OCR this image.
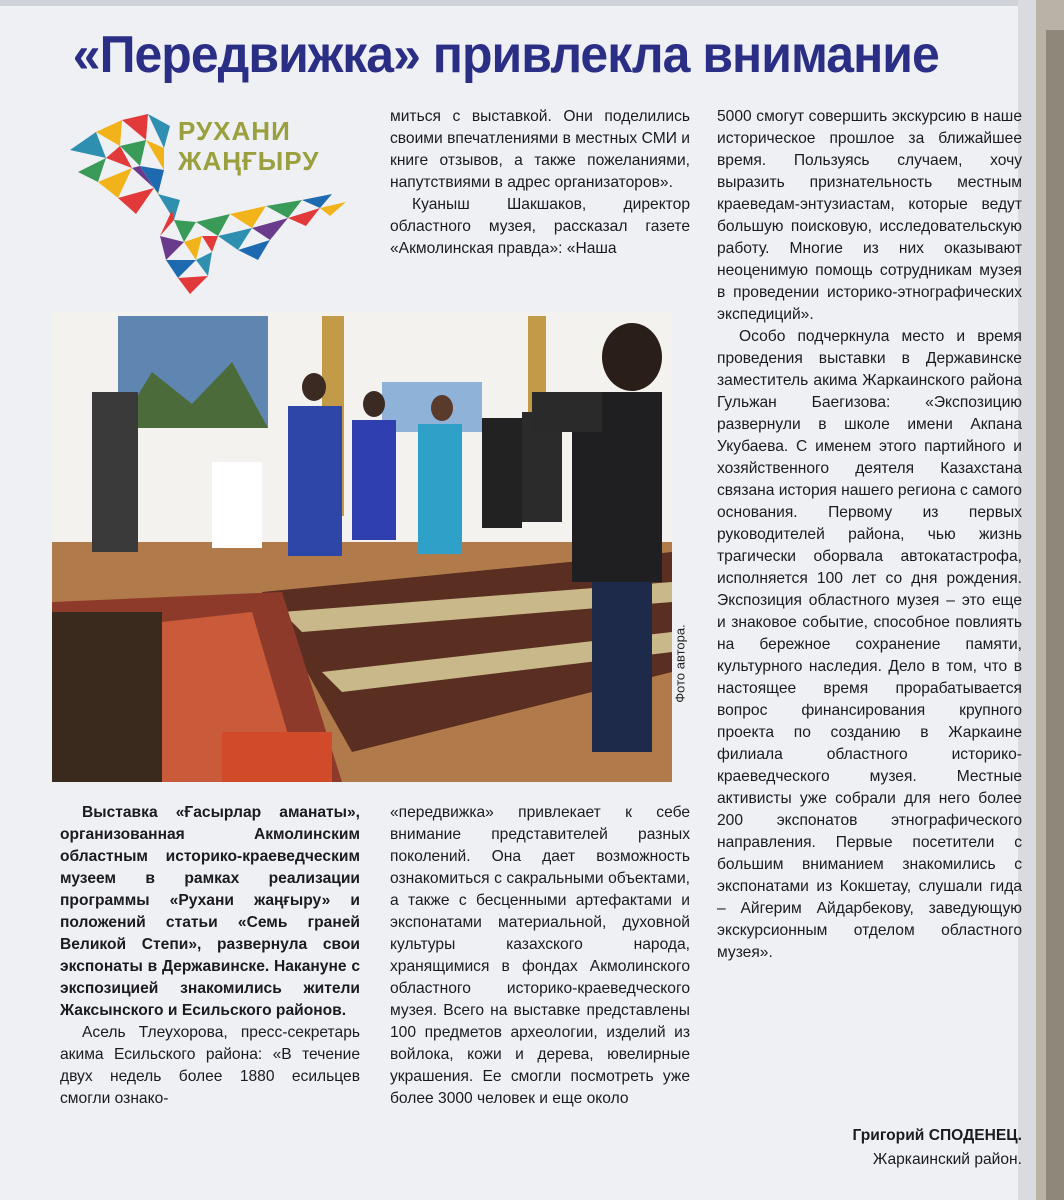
«Передвижка» привлекла внимание
РУХАНИ
ЖАҢҒЫРУ

миться с выставкой. Они поделились своими впечатлениями в местных СМИ и книге отзывов, а также пожеланиями, напутствиями в адрес организаторов».

Куаныш Шакшаков, директор областного музея, рассказал газете «Акмолинская правда»: «Наша

Фото автора.

Выставка «Ғасырлар аманаты», организованная Акмолинским областным историко-краеведческим музеем в рамках реализации программы «Рухани жаңғыру» и положений статьи «Семь граней Великой Степи», развернула свои экспонаты в Державинске. Накануне с экспозицией знакомились жители Жаксынского и Есильского районов.

Асель Тлеухорова, пресс-секретарь акима Есильского района: «В течение двух недель более 1880 есильцев смогли ознако-

«передвижка» привлекает к себе внимание представителей разных поколений. Она дает возможность ознакомиться с сакральными объектами, а также с бесценными артефактами и экспонатами материальной, духовной культуры казахского народа, хранящимися в фондах Акмолинского областного историко-краеведческого музея. Всего на выставке представлены 100 предметов археологии, изделий из войлока, кожи и дерева, ювелирные украшения. Ее смогли посмотреть уже более 3000 человек и еще около

5000 смогут совершить экскурсию в наше историческое прошлое за ближайшее время. Пользуясь случаем, хочу выразить признательность местным краеведам-энтузиастам, которые ведут большую поисковую, исследовательскую работу. Многие из них оказывают неоценимую помощь сотрудникам музея в проведении историко-этнографических экспедиций».

Особо подчеркнула место и время проведения выставки в Державинске заместитель акима Жаркаинского района Гульжан Баегизова: «Экспозицию развернули в школе имени Акпана Укубаева. С именем этого партийного и хозяйственного деятеля Казахстана связана история нашего региона с самого основания. Первому из первых руководителей района, чью жизнь трагически оборвала автокатастрофа, исполняется 100 лет со дня рождения. Экспозиция областного музея – это еще и знаковое событие, способное повлиять на бережное сохранение памяти, культурного наследия. Дело в том, что в настоящее время прорабатывается вопрос финансирования крупного проекта по созданию в Жаркаине филиала областного историко-краеведческого музея. Местные активисты уже собрали для него более 200 экспонатов этнографического направления. Первые посетители с большим вниманием знакомились с экспонатами из Кокшетау, слушали гида – Айгерим Айдарбекову, заведующую экскурсионным отделом областного музея».

Григорий СПОДЕНЕЦ.
Жаркаинский район.
